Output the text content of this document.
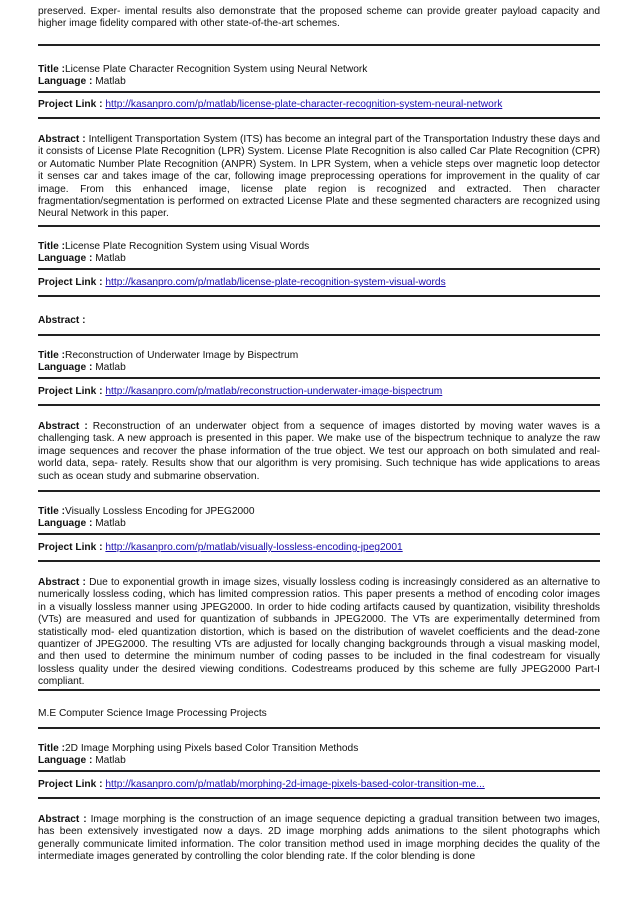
preserved. Exper- imental results also demonstrate that the proposed scheme can provide greater payload capacity and higher image fidelity compared with other state-of-the-art schemes.
Title :License Plate Character Recognition System using Neural Network
Language : Matlab
Project Link : http://kasanpro.com/p/matlab/license-plate-character-recognition-system-neural-network
Abstract : Intelligent Transportation System (ITS) has become an integral part of the Transportation Industry these days and it consists of License Plate Recognition (LPR) System. License Plate Recognition is also called Car Plate Recognition (CPR) or Automatic Number Plate Recognition (ANPR) System. In LPR System, when a vehicle steps over magnetic loop detector it senses car and takes image of the car, following image preprocessing operations for improvement in the quality of car image. From this enhanced image, license plate region is recognized and extracted. Then character fragmentation/segmentation is performed on extracted License Plate and these segmented characters are recognized using Neural Network in this paper.
Title :License Plate Recognition System using Visual Words
Language : Matlab
Project Link : http://kasanpro.com/p/matlab/license-plate-recognition-system-visual-words
Abstract :
Title :Reconstruction of Underwater Image by Bispectrum
Language : Matlab
Project Link : http://kasanpro.com/p/matlab/reconstruction-underwater-image-bispectrum
Abstract : Reconstruction of an underwater object from a sequence of images distorted by moving water waves is a challenging task. A new approach is presented in this paper. We make use of the bispectrum technique to analyze the raw image sequences and recover the phase information of the true object. We test our approach on both simulated and real-world data, sepa- rately. Results show that our algorithm is very promising. Such technique has wide applications to areas such as ocean study and submarine observation.
Title :Visually Lossless Encoding for JPEG2000
Language : Matlab
Project Link : http://kasanpro.com/p/matlab/visually-lossless-encoding-jpeg2001
Abstract : Due to exponential growth in image sizes, visually lossless coding is increasingly considered as an alternative to numerically lossless coding, which has limited compression ratios. This paper presents a method of encoding color images in a visually lossless manner using JPEG2000. In order to hide coding artifacts caused by quantization, visibility thresholds (VTs) are measured and used for quantization of subbands in JPEG2000. The VTs are experimentally determined from statistically mod- eled quantization distortion, which is based on the distribution of wavelet coefficients and the dead-zone quantizer of JPEG2000. The resulting VTs are adjusted for locally changing backgrounds through a visual masking model, and then used to determine the minimum number of coding passes to be included in the final codestream for visually lossless quality under the desired viewing conditions. Codestreams produced by this scheme are fully JPEG2000 Part-I compliant.
M.E Computer Science Image Processing Projects
Title :2D Image Morphing using Pixels based Color Transition Methods
Language : Matlab
Project Link : http://kasanpro.com/p/matlab/morphing-2d-image-pixels-based-color-transition-me...
Abstract : Image morphing is the construction of an image sequence depicting a gradual transition between two images, has been extensively investigated now a days. 2D image morphing adds animations to the silent photographs which generally communicate limited information. The color transition method used in image morphing decides the quality of the intermediate images generated by controlling the color blending rate. If the color blending is done
